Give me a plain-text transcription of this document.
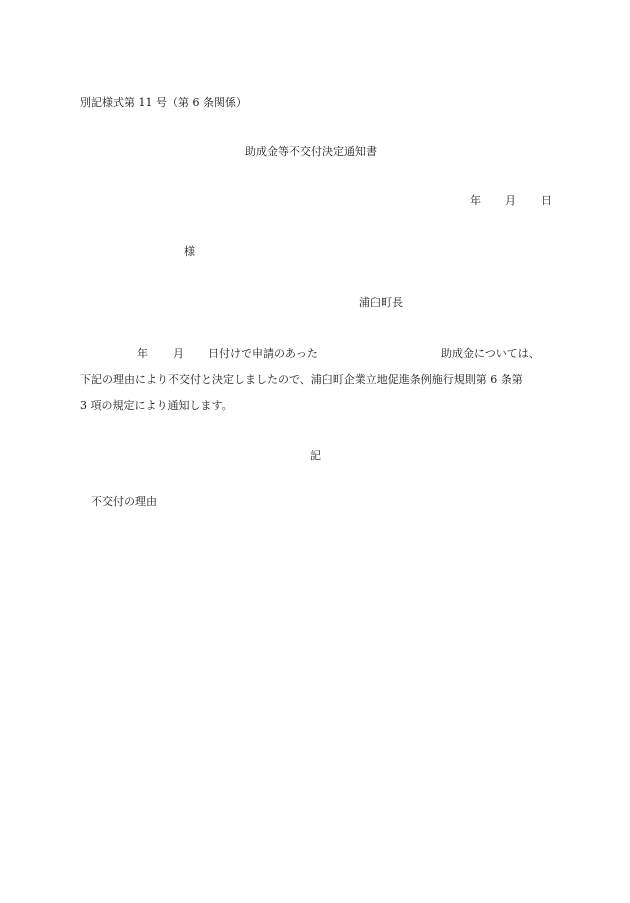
別記様式第 11 号（第 6 条関係）
助成金等不交付決定通知書
年 月 日
様
浦臼町長
年 月 日付けで申請のあった	助成金については、
下記の理由により不交付と決定しましたので、浦臼町企業立地促進条例施行規則第 6 条第
3 項の規定により通知します。
記
不交付の理由
